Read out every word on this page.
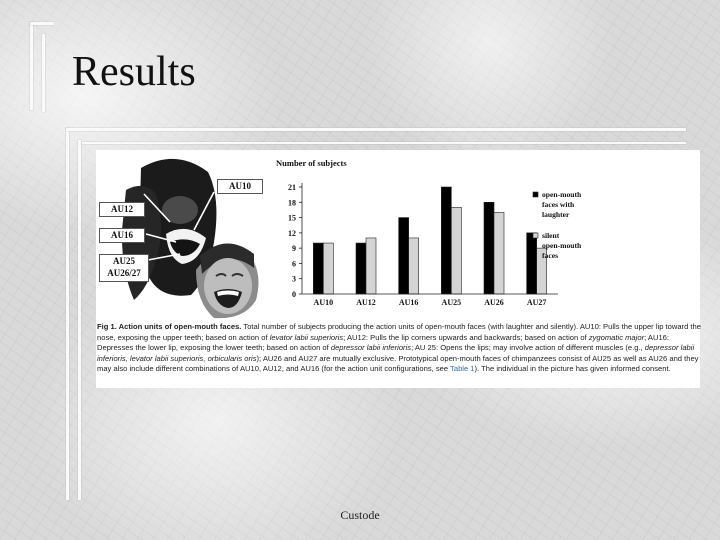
Results
AU10
AU12
AU16
AU25
AU26/27
Number of subjects
0
3
6
9
12
15
18
21
AU10	AU12	AU16	AU25	AU26	AU27
open-mouth faces with laughter
silent open-mouth faces

Fig 1. Action units of open-mouth faces. Total number of subjects producing the action units of open-mouth faces (with laughter and silently). AU10: Pulls the upper lip toward the nose, exposing the upper teeth; based on action of levator labii superioris; AU12: Pulls the lip corners upwards and backwards; based on action of zygomatic major; AU16: Depresses the lower lip, exposing the lower teeth; based on action of depressor labii inferioris; AU 25: Opens the lips; may involve action of different muscles (e.g., depressor labii inferioris, levator labii superioris, orbicularis oris); AU26 and AU27 are mutually exclusive. Prototypical open-mouth faces of chimpanzees consist of AU25 as well as AU26 and they may also include different combinations of AU10, AU12, and AU16 (for the action unit configurations, see Table 1). The individual in the picture has given informed consent.

Custode
